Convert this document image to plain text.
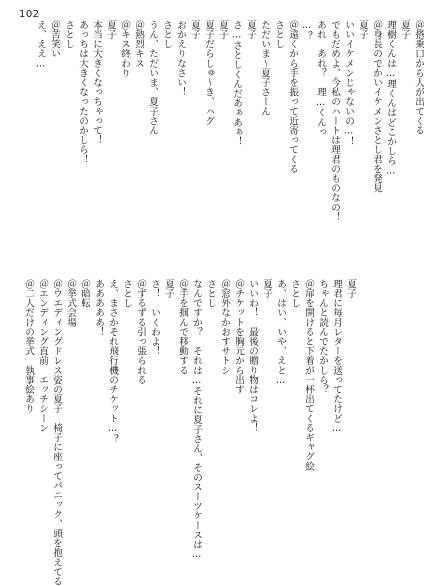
102
＠搭乗口から人が出てくる
夏子
理樹くんは…理くんはどこかしら…
＠身長のでかいイケメンさとし君を発見
夏子
いいイケメンじゃないの…！
でもだめよ、今私のハートは理君のものなの！
あれ　あれ？　理…くんっ
…？
＠遠くから手を振って近寄ってくる
さとし
ただいま～夏子さーん
夏子
さ…さとしくんだあぁあぁ！
夏子
夏子だらしゅ～き、ハグ
夏子
おかえりなさい！
さとし
うん、ただいま、夏子さん
＠熱烈キス
＠キス終わり
夏子
本当に大きくなっちゃって！
あっちは大きくなったのかしら！
さとし
＠苦笑い
え、ええ…
夏子
理君に毎月レターを送ってたけど…
ちゃんと読んでたかしら？
＠扉を開けると下着が一杯出てくるギャグ絵
さとし
あ、はい、いや、えと…
夏子
いいわ！　最後の贈り物はコレよ！
＠チケットを胸元から出す
＠窓外なかおすサトシ
さとし
なんですか？　それは…それに夏子さん、そのスーツケースは…
＠手を掴んで移動する
夏子
さ！　いくわよ！
＠ずるずる引っ張られる
さとし
え、まさかそれ飛行機のチケット…？
あああああ！
＠暗転
＠挙式会場
＠ウエディングドレス姿の夏子　椅子に座ってパニック、頭を抱えてる
＠エンディング直前　エッチシーン
＠二人だけの挙式　執事絵あり
